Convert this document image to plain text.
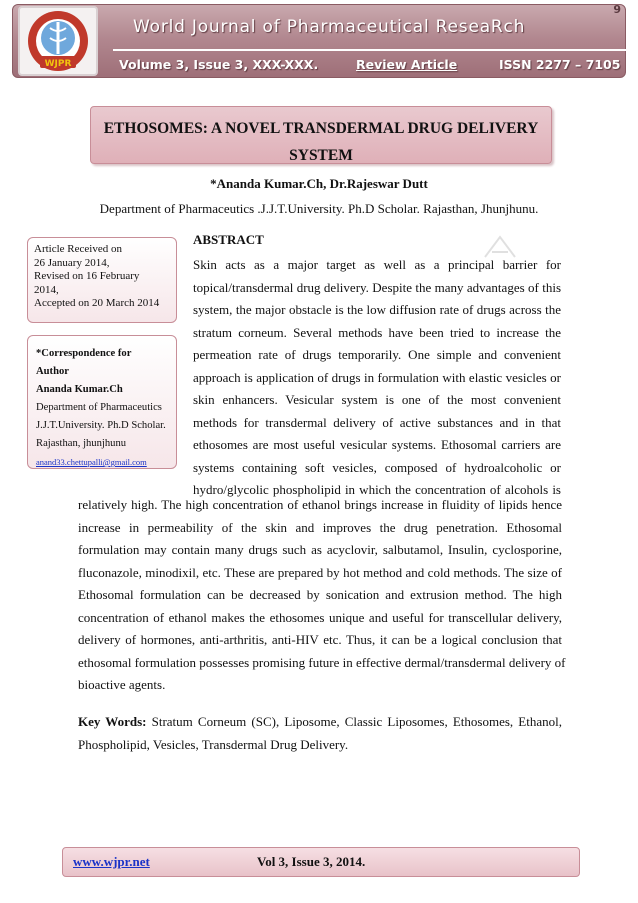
World Journal of Pharmaceutical ReseaRch
Volume 3, Issue 3, XXX-XXX.	Review Article	ISSN 2277 – 7105
9
WJPR
ETHOSOMES: A NOVEL TRANSDERMAL DRUG DELIVERY
SYSTEM
*Ananda Kumar.Ch, Dr.Rajeswar Dutt
Department of Pharmaceutics .J.J.T.University. Ph.D Scholar. Rajasthan, Jhunjhunu.
Article Received on
26 January 2014,
Revised on 16 February
2014,
Accepted on 20 March 2014
*Correspondence for
Author
Ananda Kumar.Ch
Department of Pharmaceutics
J.J.T.University. Ph.D Scholar.
Rajasthan, jhunjhunu
anand33.chettupalli@gmail.com
ABSTRACT
Skin acts as a major target as well as a principal barrier for
topical/transdermal drug delivery. Despite the many advantages of this
system, the major obstacle is the low diffusion rate of drugs across the
stratum corneum. Several methods have been tried to increase the
permeation rate of drugs temporarily. One simple and convenient
approach is application of drugs in formulation with elastic vesicles or
skin enhancers. Vesicular system is one of the most convenient
methods for transdermal delivery of active substances and in that
ethosomes are most useful vesicular systems. Ethosomal carriers are
systems containing soft vesicles, composed of hydroalcoholic or
hydro/glycolic phospholipid in which the concentration of alcohols is
relatively high. The high concentration of ethanol brings increase in fluidity of lipids hence
increase in permeability of the skin and improves the drug penetration. Ethosomal
formulation may contain many drugs such as acyclovir, salbutamol, Insulin, cyclosporine,
fluconazole, minodixil, etc. These are prepared by hot method and cold methods. The size of
Ethosomal formulation can be decreased by sonication and extrusion method. The high
concentration of ethanol makes the ethosomes unique and useful for transcellular delivery,
delivery of hormones, anti-arthritis, anti-HIV etc. Thus, it can be a logical conclusion that
ethosomal formulation possesses promising future in effective dermal/transdermal delivery of
bioactive agents.
Key Words: Stratum Corneum (SC), Liposome, Classic Liposomes, Ethosomes, Ethanol,
Phospholipid, Vesicles, Transdermal Drug Delivery.
www.wjpr.net	Vol 3, Issue 3, 2014.
